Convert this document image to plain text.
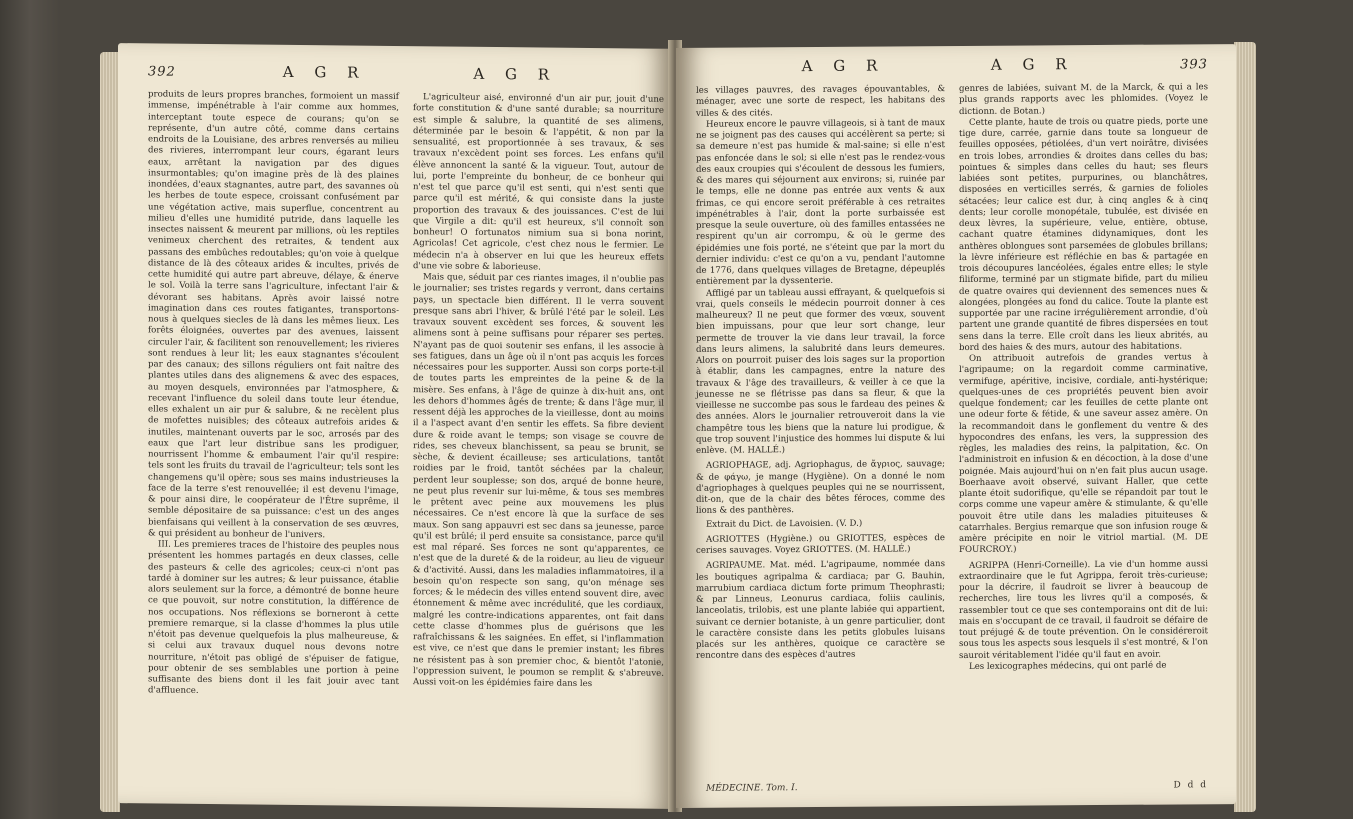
392	A G R	A G R

produits de leurs propres branches, formoient un massif immense, impénétrable à l'air comme aux hommes, interceptant toute espece de courans; qu'on se représente, d'un autre côté, comme dans certains endroits de la Louisiane, des arbres renversés au milieu des rivieres, interrompant leur cours, égarant leurs eaux, arrêtant la navigation par des digues insurmontables; qu'on imagine près de là des plaines inondées, d'eaux stagnantes, autre part, des savannes où les herbes de toute espece, croissant confusément par une végétation active, mais superflue, concentrent au milieu d'elles une humidité putride, dans laquelle les insectes naissent & meurent par millions, où les reptiles venimeux cherchent des retraites, & tendent aux passans des embûches redoutables; qu'on voie à quelque distance de là des côteaux arides & incultes, privés de cette humidité qui autre part abreuve, délaye, & énerve le sol. Voilà la terre sans l'agriculture, infectant l'air & dévorant ses habitans. Après avoir laissé notre imagination dans ces routes fatigantes, transportons-nous à quelques siecles de là dans les mêmes lieux. Les forêts éloignées, ouvertes par des avenues, laissent circuler l'air, & facilitent son renouvellement; les rivieres sont rendues à leur lit; les eaux stagnantes s'écoulent par des canaux; des sillons réguliers ont fait naître des plantes utiles dans des alignemens & avec des espaces, au moyen desquels, environnées par l'atmosphere, & recevant l'influence du soleil dans toute leur étendue, elles exhalent un air pur & salubre, & ne recèlent plus de mofettes nuisibles; des côteaux autrefois arides & inutiles, maintenant ouverts par le soc, arrosés par des eaux que l'art leur distribue sans les prodiguer, nourrissent l'homme & embaument l'air qu'il respire: tels sont les fruits du travail de l'agriculteur; tels sont les changemens qu'il opère; sous ses mains industrieuses la face de la terre s'est renouvellée; il est devenu l'image, & pour ainsi dire, le coopérateur de l'Être suprême, il semble dépositaire de sa puissance: c'est un des anges bienfaisans qui veillent à la conservation de ses œuvres, & qui président au bonheur de l'univers.

III. Les premieres traces de l'histoire des peuples nous présentent les hommes partagés en deux classes, celle des pasteurs & celle des agricoles; ceux-ci n'ont pas tardé à dominer sur les autres; & leur puissance, établie alors seulement sur la force, a démontré de bonne heure ce que pouvoit, sur notre constitution, la différence de nos occupations. Nos réflexions se borneront à cette premiere remarque, si la classe d'hommes la plus utile n'étoit pas devenue quelquefois la plus malheureuse, & si celui aux travaux duquel nous devons notre nourriture, n'étoit pas obligé de s'épuiser de fatigue, pour obtenir de ses semblables une portion à peine suffisante des biens dont il les fait jouir avec tant d'affluence.

L'agriculteur aisé, environné d'un air pur, jouit d'une forte constitution & d'une santé durable; sa nourriture est simple & salubre, la quantité de ses alimens, déterminée par le besoin & l'appétit, & non par la sensualité, est proportionnée à ses travaux, & ses travaux n'excèdent point ses forces. Les enfans qu'il élève annoncent la santé & la vigueur. Tout, autour de lui, porte l'empreinte du bonheur, de ce bonheur qui n'est tel que parce qu'il est senti, qui n'est senti que parce qu'il est mérité, & qui consiste dans la juste proportion des travaux & des jouissances. C'est de lui que Virgile a dit: qu'il est heureux, s'il connoît son bonheur! O fortunatos nimium sua si bona norint, Agricolas! Cet agricole, c'est chez nous le fermier. Le médecin n'a à observer en lui que les heureux effets d'une vie sobre & laborieuse.

Mais que, séduit par ces riantes images, il n'oublie pas le journalier; ses tristes regards y verront, dans certains pays, un spectacle bien différent. Il le verra souvent presque sans abri l'hiver, & brûlé l'été par le soleil. Les travaux souvent excèdent ses forces, & souvent les alimens sont à peine suffisans pour réparer ses pertes. N'ayant pas de quoi soutenir ses enfans, il les associe à ses fatigues, dans un âge où il n'ont pas acquis les forces nécessaires pour les supporter. Aussi son corps porte-t-il de toutes parts les empreintes de la peine & de la misère. Ses enfans, à l'âge de quinze à dix-huit ans, ont les dehors d'hommes âgés de trente; & dans l'âge mur, il ressent déjà les approches de la vieillesse, dont au moins il a l'aspect avant d'en sentir les effets. Sa fibre devient dure & roide avant le temps; son visage se couvre de rides, ses cheveux blanchissent, sa peau se brunit, se sèche, & devient écailleuse; ses articulations, tantôt roidies par le froid, tantôt séchées par la chaleur, perdent leur souplesse; son dos, arqué de bonne heure, ne peut plus revenir sur lui-même, & tous ses membres le prêtent avec peine aux mouvemens les plus nécessaires. Ce n'est encore là que la surface de ses maux. Son sang appauvri est sec dans sa jeunesse, parce qu'il est brûlé; il perd ensuite sa consistance, parce qu'il est mal réparé. Ses forces ne sont qu'apparentes, ce n'est que de la dureté & de la roideur, au lieu de vigueur & d'activité. Aussi, dans les maladies inflammatoires, il a besoin qu'on respecte son sang, qu'on ménage ses forces; & le médecin des villes entend souvent dire, avec étonnement & même avec incrédulité, que les cordiaux, malgré les contre-indications apparentes, ont fait dans cette classe d'hommes plus de guérisons que les rafraîchissans & les saignées. En effet, si l'inflammation est vive, ce n'est que dans le premier instant; les fibres ne résistent pas à son premier choc, & bientôt l'atonie, l'oppression suivent, le poumon se remplit & s'abreuve. Aussi voit-on les épidémies faire dans les

A G R	A G R	393

les villages pauvres, des ravages épouvantables, & ménager, avec une sorte de respect, les habitans des villes & des cités.

Heureux encore le pauvre villageois, si à tant de maux ne se joignent pas des causes qui accélèrent sa perte; si sa demeure n'est pas humide & mal-saine; si elle n'est pas enfoncée dans le sol; si elle n'est pas le rendez-vous des eaux croupies qui s'écoulent de dessous les fumiers, & des mares qui séjournent aux environs; si, ruinée par le temps, elle ne donne pas entrée aux vents & aux frimas, ce qui encore seroit préférable à ces retraites impénétrables à l'air, dont la porte surbaissée est presque la seule ouverture, où des familles entassées ne respirent qu'un air corrompu, & où le germe des épidémies une fois porté, ne s'éteint que par la mort du dernier individu: c'est ce qu'on a vu, pendant l'automne de 1776, dans quelques villages de Bretagne, dépeuplés entièrement par la dyssenterie.

Affligé par un tableau aussi effrayant, & quelquefois si vrai, quels conseils le médecin pourroit donner à ces malheureux? Il ne peut que former des vœux, souvent bien impuissans, pour que leur sort change, leur permette de trouver la vie dans leur travail, la force dans leurs alimens, la salubrité dans leurs demeures. Alors on pourroit puiser des lois sages sur la proportion à établir, dans les campagnes, entre la nature des travaux & l'âge des travailleurs, & veiller à ce que la jeunesse ne se flétrisse pas dans sa fleur, & que la vieillesse ne succombe pas sous le fardeau des peines & des années. Alors le journalier retrouveroit dans la vie champêtre tous les biens que la nature lui prodigue, & que trop souvent l'injustice des hommes lui dispute & lui enlève. (M. HALLÉ.)

AGRIOPHAGE, adj. Agriophagus, de ἄγριος, sauvage; & de φάγω, je mange (Hygiène). On a donné le nom d'agriophages à quelques peuples qui ne se nourrissent, dit-on, que de la chair des bêtes féroces, comme des lions & des panthères.

Extrait du Dict. de Lavoisien. (V. D.)

AGRIOTTES (Hygiène.) ou GRIOTTES, espèces de cerises sauvages. Voyez GRIOTTES. (M. HALLÉ.)

AGRIPAUME. Mat. méd. L'agripaume, nommée dans les boutiques agripalma & cardiaca; par G. Bauhin, marrubium cardiaca dictum forte primum Theophrasti; & par Linneus, Leonurus cardiaca, foliis caulinis, lanceolatis, trilobis, est une plante labiée qui appartient, suivant ce dernier botaniste, à un genre particulier, dont le caractère consiste dans les petits globules luisans placés sur les anthères, quoique ce caractère se rencontre dans des espèces d'autres

genres de labiées, suivant M. de la Marck, & qui a les plus grands rapports avec les phlomides. (Voyez le dictionn. de Botan.)

Cette plante, haute de trois ou quatre pieds, porte une tige dure, carrée, garnie dans toute sa longueur de feuilles opposées, pétiolées, d'un vert noirâtre, divisées en trois lobes, arrondies & droites dans celles du bas; pointues & simples dans celles du haut; ses fleurs labiées sont petites, purpurines, ou blanchâtres, disposées en verticilles serrés, & garnies de folioles sétacées; leur calice est dur, à cinq angles & à cinq dents; leur corolle monopétale, tubulée, est divisée en deux lèvres, la supérieure, velue, entière, obtuse, cachant quatre étamines didynamiques, dont les anthères oblongues sont parsemées de globules brillans; la lèvre inférieure est réfléchie en bas & partagée en trois découpures lancéolées, égales entre elles; le style filiforme, terminé par un stigmate bifide, part du milieu de quatre ovaires qui deviennent des semences nues & alongées, plongées au fond du calice. Toute la plante est supportée par une racine irrégulièrement arrondie, d'où partent une grande quantité de fibres dispersées en tout sens dans la terre. Elle croît dans les lieux abrités, au bord des haies & des murs, autour des habitations.

On attribuoit autrefois de grandes vertus à l'agripaume; on la regardoit comme carminative, vermifuge, apéritive, incisive, cordiale, anti-hystérique; quelques-unes de ces propriétés peuvent bien avoir quelque fondement; car les feuilles de cette plante ont une odeur forte & fétide, & une saveur assez amère. On la recommandoit dans le gonflement du ventre & des hypocondres des enfans, les vers, la suppression des règles, les maladies des reins, la palpitation, &c. On l'administroit en infusion & en décoction, à la dose d'une poignée. Mais aujourd'hui on n'en fait plus aucun usage. Boerhaave avoit observé, suivant Haller, que cette plante étoit sudorifique, qu'elle se répandoit par tout le corps comme une vapeur amère & stimulante, & qu'elle pouvoit être utile dans les maladies pituiteuses & catarrhales. Bergius remarque que son infusion rouge & amère précipite en noir le vitriol martial. (M. DE FOURCROY.)

AGRIPPA (Henri-Corneille). La vie d'un homme aussi extraordinaire que le fut Agrippa, feroit très-curieuse; pour la décrire, il faudroit se livrer à beaucoup de recherches, lire tous les livres qu'il a composés, & rassembler tout ce que ses contemporains ont dit de lui: mais en s'occupant de ce travail, il faudroit se défaire de tout préjugé & de toute prévention. On le considéreroit sous tous les aspects sous lesquels il s'est montré, & l'on sauroit véritablement l'idée qu'il faut en avoir.

Les lexicographes médecins, qui ont parlé de

MÉDECINE. Tom. I.	D d d
